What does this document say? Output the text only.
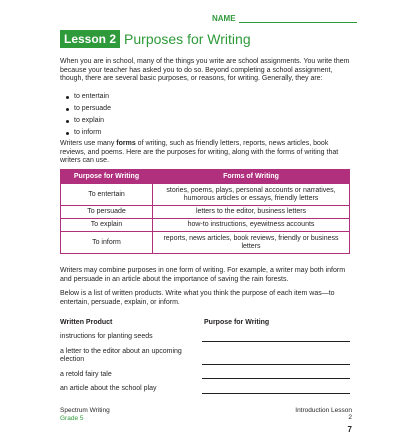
NAME
Lesson 2 Purposes for Writing

When you are in school, many of the things you write are school assignments. You write them because your teacher has asked you to do so. Beyond completing a school assignment, though, there are several basic purposes, or reasons, for writing. Generally, they are:

to entertain
to persuade
to explain
to inform

Writers use many forms of writing, such as friendly letters, reports, news articles, book reviews, and poems. Here are the purposes for writing, along with the forms of writing that writers can use.

Purpose for Writing	Forms of Writing
To entertain	stories, poems, plays, personal accounts or narratives, humorous articles or essays, friendly letters
To persuade	letters to the editor, business letters
To explain	how-to instructions, eyewitness accounts
To inform	reports, news articles, book reviews, friendly or business letters

Writers may combine purposes in one form of writing. For example, a writer may both inform and persuade in an article about the importance of saving the rain forests.

Below is a list of written products. Write what you think the purpose of each item was—to entertain, persuade, explain, or inform.

Written Product	Purpose for Writing
instructions for planting seeds
a letter to the editor about an upcoming election
a retold fairy tale
an article about the school play
Spectrum Writing
Grade 5
Introduction Lesson 2
7
